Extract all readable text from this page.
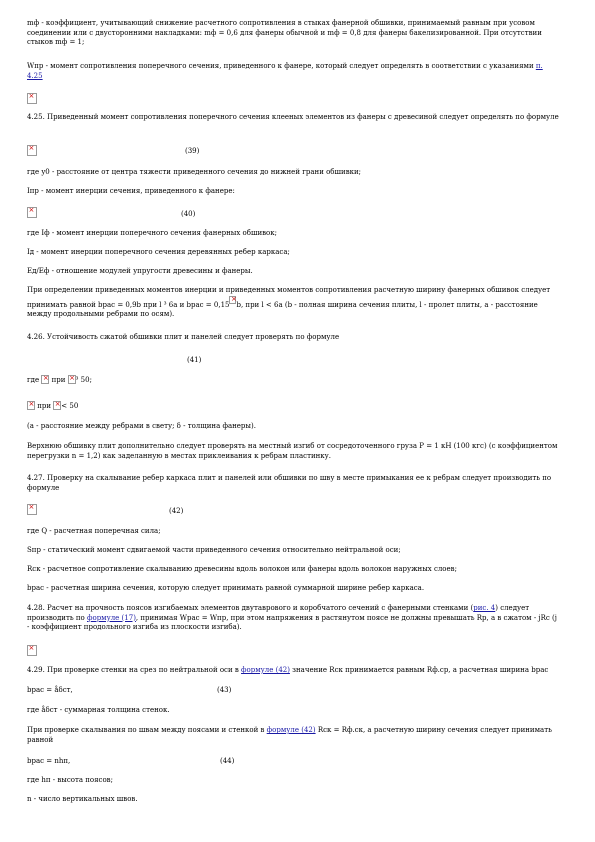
mф - коэффициент, учитывающий снижение расчетного сопротивления в стыках фанерной обшивки, принимаемый равным при усовом соединении или с двусторонними накладками: mф = 0,6 для фанеры обычной и mф = 0,8 для фанеры бакелизированной. При отсутствии стыков mф = 1;

Wпр - момент сопротивления поперечного сечения, приведенного к фанере, который следует определять в соответствии с указаниями п. 4.25

×

4.25. Приведенный момент сопротивления поперечного сечения клееных элементов из фанеры с древесиной следует определять по формуле

×
(39)

где y0 - расстояние от центра тяжести приведенного сечения до нижней грани обшивки;

Iпр - момент инерции сечения, приведенного к фанере:

×
(40)

где Iф - момент инерции поперечного сечения фанерных обшивок;

Iд - момент инерции поперечного сечения деревянных ребер каркаса;

Eд/Eф - отношение модулей упругости древесины и фанеры.

При определении приведенных моментов инерции и приведенных моментов сопротивления расчетную ширину фанерных обшивок следует принимать равной bрас = 0,9b при l ³ 6a и bрас = 0,15× b, при l < 6a (b - полная ширина сечения плиты, l - пролет плиты, a - расстояние между продольными ребрами по осям).

4.26. Устойчивость сжатой обшивки плит и панелей следует проверять по формуле

(41)

где × при × ³ 50;

× при × < 50

(a - расстояние между ребрами в свету; δ - толщина фанеры).

Верхнюю обшивку плит дополнительно следует проверять на местный изгиб от сосредоточенного груза P = 1 кН (100 кгс) (с коэффициентом перегрузки n = 1,2) как заделанную в местах приклеивания к ребрам пластинку.

4.27. Проверку на скалывание ребер каркаса плит и панелей или обшивки по шву в месте примыкания ее к ребрам следует производить по формуле

×
(42)

где Q - расчетная поперечная сила;

Sпр - статический момент сдвигаемой части приведенного сечения относительно нейтральной оси;

Rск - расчетное сопротивление скалыванию древесины вдоль волокон или фанеры вдоль волокон наружных слоев;

bрас - расчетная ширина сечения, которую следует принимать равной суммарной ширине ребер каркаса.

4.28. Расчет на прочность поясов изгибаемых элементов двутаврового и коробчатого сечений с фанерными стенками (рис. 4) следует производить по формуле (17), принимая Wрас = Wпр, при этом напряжения в растянутом поясе не должны превышать Rр, а в сжатом - jRс (j - коэффициент продольного изгиба из плоскости изгиба).

×

4.29. При проверке стенки на срез по нейтральной оси в формуле (42) значение Rск принимается равным Rф.ср, а расчетная ширина bрас

bрас = åδст,	(43)

где åδст - суммарная толщина стенок.

При проверке скалывания по швам между поясами и стенкой в формуле (42) Rск = Rф.ск, а расчетную ширину сечения следует принимать равной

bрас = nhп,	(44)

где hп - высота поясов;

n - число вертикальных швов.
